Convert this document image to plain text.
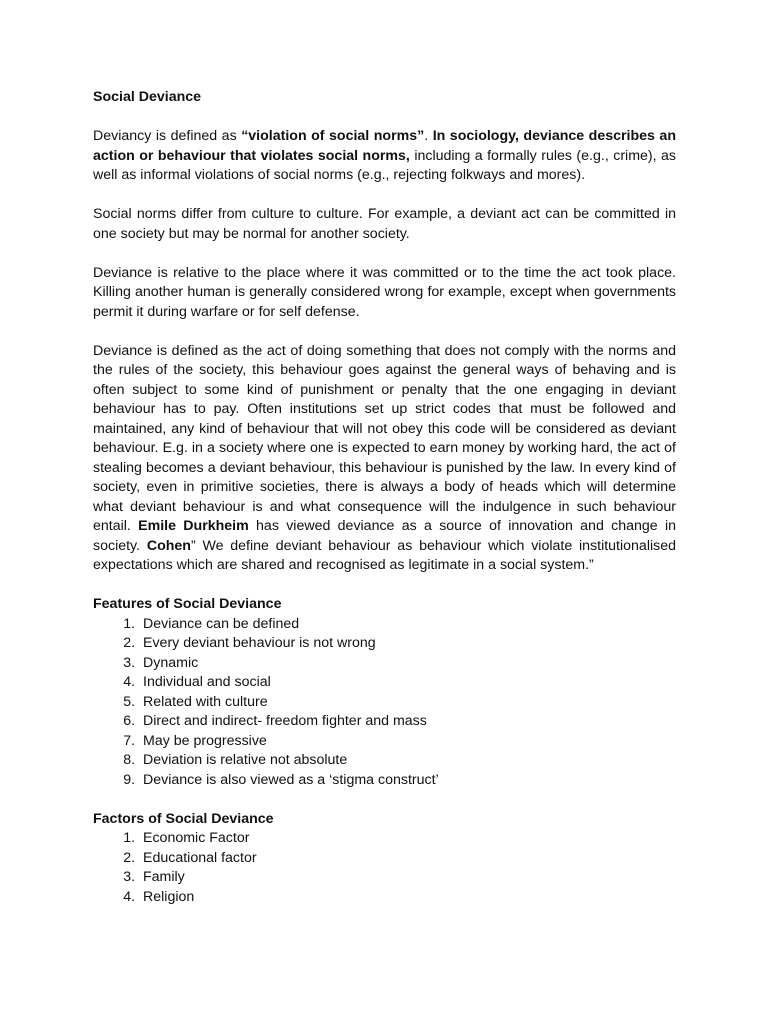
Social Deviance

Deviancy is defined as “violation of social norms”. In sociology, deviance describes an action or behaviour that violates social norms, including a formally rules (e.g., crime), as well as informal violations of social norms (e.g., rejecting folkways and mores).

Social norms differ from culture to culture. For example, a deviant act can be committed in one society but may be normal for another society.

Deviance is relative to the place where it was committed or to the time the act took place. Killing another human is generally considered wrong for example, except when governments permit it during warfare or for self defense.

Deviance is defined as the act of doing something that does not comply with the norms and the rules of the society, this behaviour goes against the general ways of behaving and is often subject to some kind of punishment or penalty that the one engaging in deviant behaviour has to pay. Often institutions set up strict codes that must be followed and maintained, any kind of behaviour that will not obey this code will be considered as deviant behaviour. E.g. in a society where one is expected to earn money by working hard, the act of stealing becomes a deviant behaviour, this behaviour is punished by the law. In every kind of society, even in primitive societies, there is always a body of heads which will determine what deviant behaviour is and what consequence will the indulgence in such behaviour entail. Emile Durkheim has viewed deviance as a source of innovation and change in society. Cohen” We define deviant behaviour as behaviour which violate institutionalised expectations which are shared and recognised as legitimate in a social system.”

Features of Social Deviance
1. Deviance can be defined
2. Every deviant behaviour is not wrong
3. Dynamic
4. Individual and social
5. Related with culture
6. Direct and indirect- freedom fighter and mass
7. May be progressive
8. Deviation is relative not absolute
9. Deviance is also viewed as a ‘stigma construct’
Factors of Social Deviance
1. Economic Factor
2. Educational factor
3. Family
4. Religion
